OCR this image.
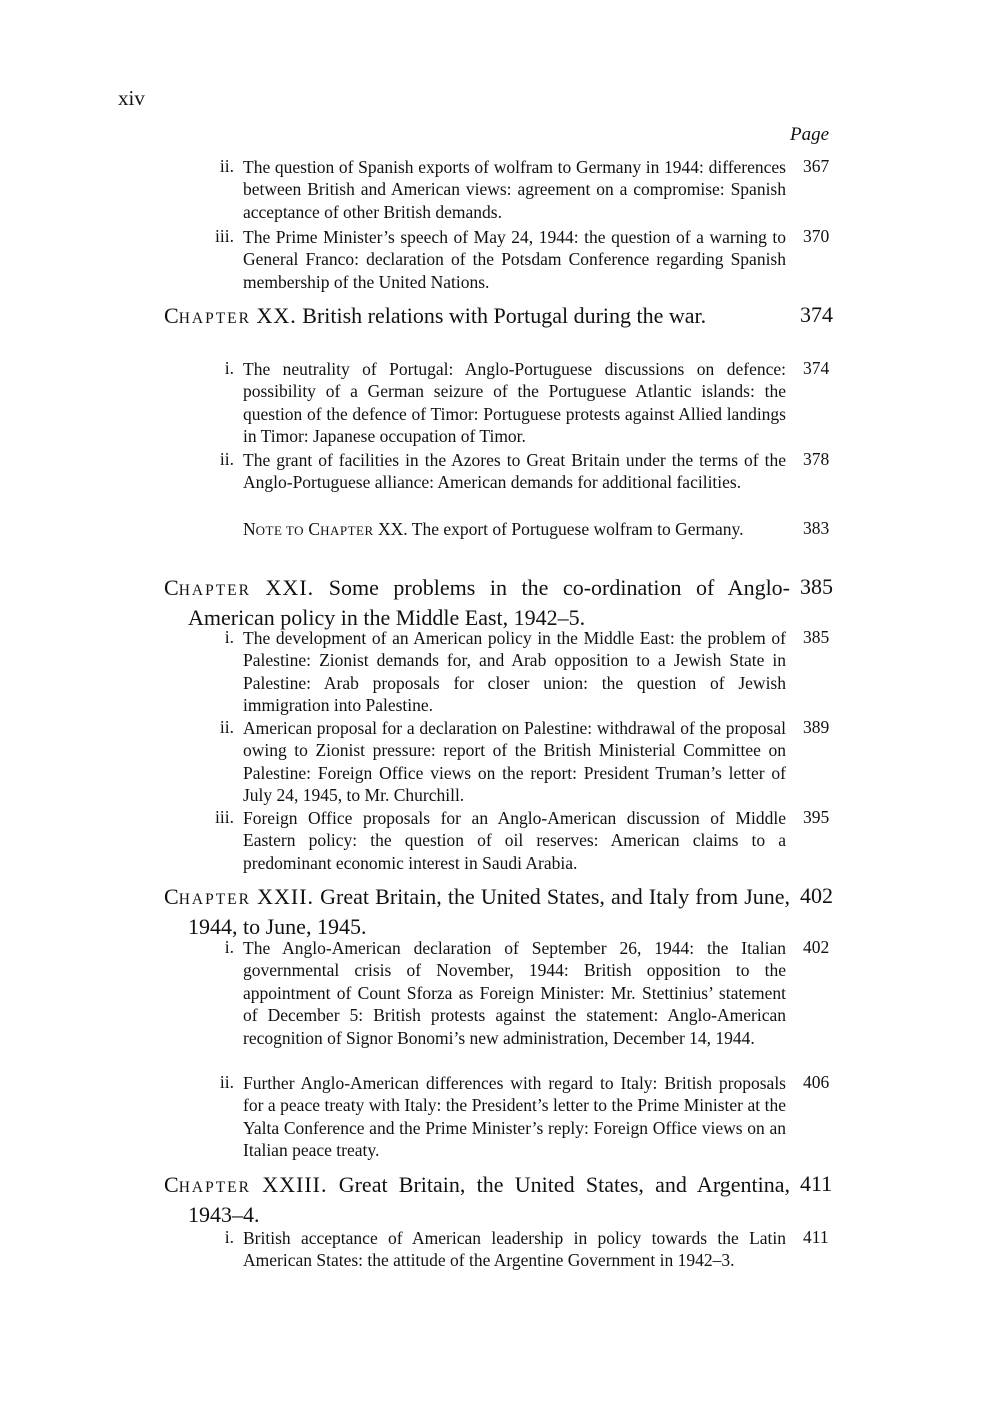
xiv
Page
ii. The question of Spanish exports of wolfram to Germany in 1944: differences between British and American views: agreement on a compromise: Spanish acceptance of other British demands.
367
iii. The Prime Minister’s speech of May 24, 1944: the question of a warning to General Franco: declaration of the Potsdam Conference regarding Spanish membership of the United Nations.
370
CHAPTER XX. British relations with Portugal during the war.	374
i. The neutrality of Portugal: Anglo-Portuguese discussions on defence: possibility of a German seizure of the Portuguese Atlantic islands: the question of the defence of Timor: Portuguese protests against Allied landings in Timor: Japanese occupation of Timor.
374
ii. The grant of facilities in the Azores to Great Britain under the terms of the Anglo-Portuguese alliance: American demands for additional facilities.
378
NOTE TO CHAPTER XX. The export of Portuguese wolfram to Germany.	383
CHAPTER XXI. Some problems in the co-ordination of Anglo-American policy in the Middle East, 1942–5.
385
i. The development of an American policy in the Middle East: the problem of Palestine: Zionist demands for, and Arab opposition to a Jewish State in Palestine: Arab proposals for closer union: the question of Jewish immigration into Palestine.
385
ii. American proposal for a declaration on Palestine: withdrawal of the proposal owing to Zionist pressure: report of the British Ministerial Committee on Palestine: Foreign Office views on the report: President Truman’s letter of July 24, 1945, to Mr. Churchill.
389
iii. Foreign Office proposals for an Anglo-American discussion of Middle Eastern policy: the question of oil reserves: American claims to a predominant economic interest in Saudi Arabia.
395
CHAPTER XXII. Great Britain, the United States, and Italy from June, 1944, to June, 1945.
402
i. The Anglo-American declaration of September 26, 1944: the Italian governmental crisis of November, 1944: British opposition to the appointment of Count Sforza as Foreign Minister: Mr. Stettinius’ statement of December 5: British protests against the statement: Anglo-American recognition of Signor Bonomi’s new administration, December 14, 1944.
402
ii. Further Anglo-American differences with regard to Italy: British proposals for a peace treaty with Italy: the President’s letter to the Prime Minister at the Yalta Conference and the Prime Minister’s reply: Foreign Office views on an Italian peace treaty.
406
CHAPTER XXIII. Great Britain, the United States, and Argentina, 1943–4.
411
i. British acceptance of American leadership in policy towards the Latin American States: the attitude of the Argentine Government in 1942–3.
411
